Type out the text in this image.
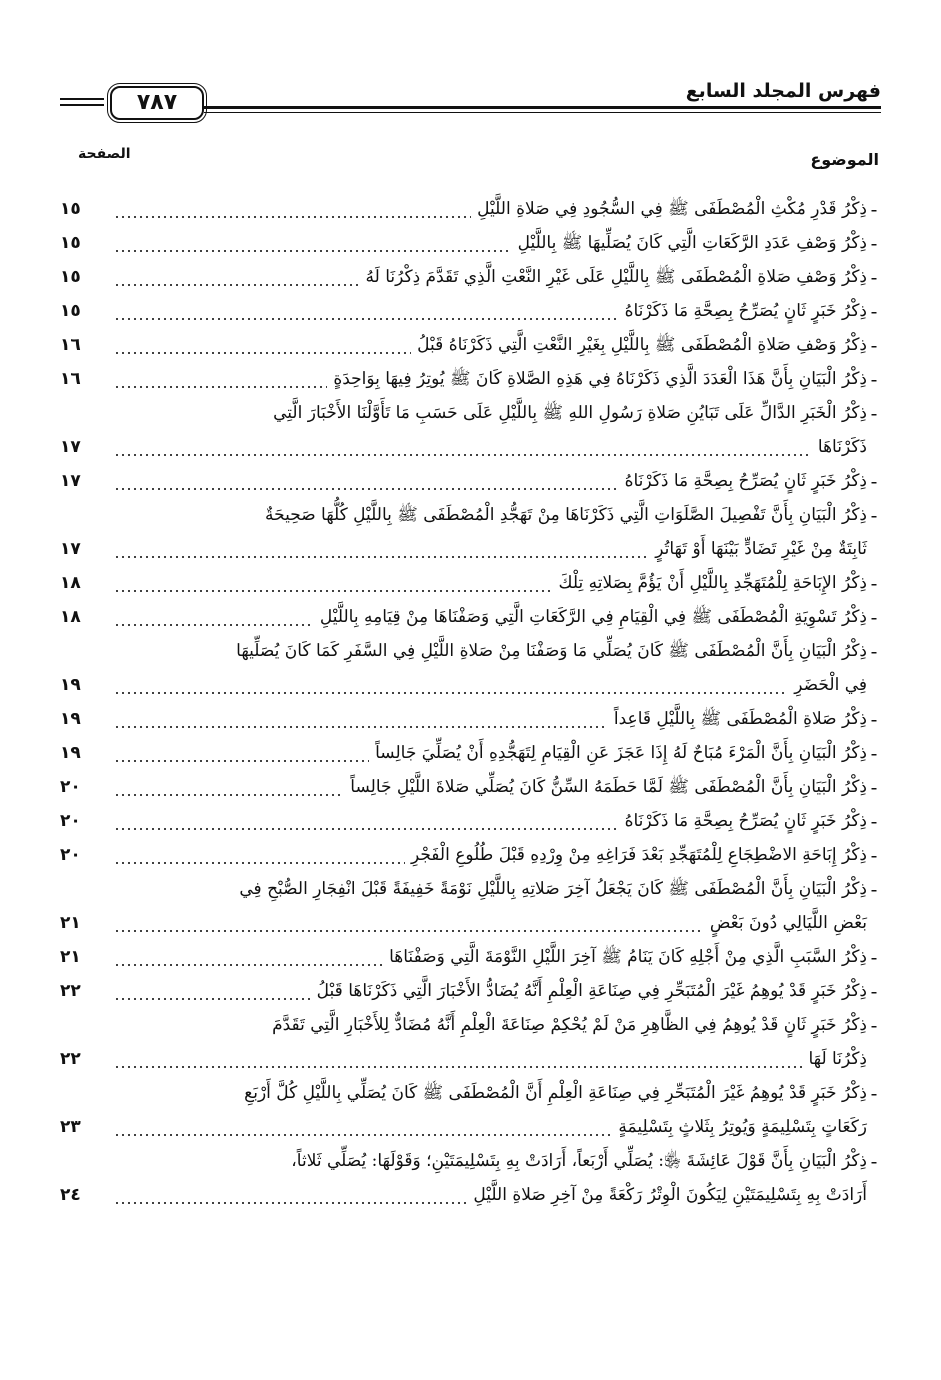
فهرس المجلد السابع
٧٨٧
الموضوع
الصفحة
-
ذِكْرُ قَدْرِ مُكْثِ الْمُصْطَفَى ﷺ فِي السُّجُودِ فِي صَلاةِ اللَّيْلِ
١٥
-
ذِكْرُ وَصْفِ عَدَدِ الرَّكَعَاتِ الَّتِي كَانَ يُصَلِّيهَا ﷺ بِاللَّيْلِ
١٥
-
ذِكْرُ وَصْفِ صَلاةِ الْمُصْطَفَى ﷺ بِاللَّيْلِ عَلَى غَيْرِ النَّعْتِ الَّذِي تَقَدَّمَ ذِكْرُنَا لَهُ
١٥
-
ذِكْرُ خَبَرٍ ثَانٍ يُصَرِّحُ بِصِحَّةِ مَا ذَكَرْنَاهُ
١٥
-
ذِكْرُ وَصْفِ صَلاةِ الْمُصْطَفَى ﷺ بِاللَّيْلِ بِغَيْرِ النَّعْتِ الَّتِي ذَكَرْنَاهُ قَبْلُ
١٦
-
ذِكْرُ الْبَيَانِ بِأَنَّ هَذَا الْعَدَدَ الَّذِي ذَكَرْنَاهُ فِي هَذِهِ الصَّلاةِ كَانَ ﷺ يُوتِرُ فِيهَا بِوَاحِدَةٍ
١٦
-
ذِكْرُ الْخَبَرِ الدَّالِّ عَلَى تَبَايُنِ صَلاةِ رَسُولِ اللهِ ﷺ بِاللَّيْلِ عَلَى حَسَبِ مَا تَأَوَّلْنَا الأَخْبَارَ الَّتِي
ذَكَرْنَاهَا
١٧
-
ذِكْرُ خَبَرٍ ثَانٍ يُصَرِّحُ بِصِحَّةِ مَا ذَكَرْنَاهُ
١٧
-
ذِكْرُ الْبَيَانِ بِأَنَّ تَفْصِيلَ الصَّلَوَاتِ الَّتِي ذَكَرْنَاهَا مِنْ تَهَجُّدِ الْمُصْطَفَى ﷺ بِاللَّيْلِ كُلُّهَا صَحِيحَةٌ
ثَابِتَةٌ مِنْ غَيْرِ تَضَادٍّ بَيْنَهَا أَوْ تَهَاتُرٍ
١٧
-
ذِكْرُ الإِبَاحَةِ لِلْمُتَهَجِّدِ بِاللَّيْلِ أَنْ يَؤُمَّ بِصَلاتِهِ تِلْكَ
١٨
-
ذِكْرُ تَسْوِيَةِ الْمُصْطَفَى ﷺ فِي الْقِيَامِ فِي الرَّكَعَاتِ الَّتِي وَصَفْنَاهَا مِنْ قِيَامِهِ بِاللَّيْلِ
١٨
-
ذِكْرُ الْبَيَانِ بِأَنَّ الْمُصْطَفَى ﷺ كَانَ يُصَلِّي مَا وَصَفْنَا مِنْ صَلاةِ اللَّيْلِ فِي السَّفَرِ كَمَا كَانَ يُصَلِّيهَا
فِي الْحَضَرِ
١٩
-
ذِكْرُ صَلاةِ الْمُصْطَفَى ﷺ بِاللَّيْلِ قَاعِداً
١٩
-
ذِكْرُ الْبَيَانِ بِأَنَّ الْمَرْءَ مُبَاحٌ لَهُ إِذَا عَجَزَ عَنِ الْقِيَامِ لِتَهَجُّدِهِ أَنْ يُصَلِّيَ جَالِساً
١٩
-
ذِكْرُ الْبَيَانِ بِأَنَّ الْمُصْطَفَى ﷺ لَمَّا حَطَمَهُ السِّنُّ كَانَ يُصَلِّي صَلاةَ اللَّيْلِ جَالِساً
٢٠
-
ذِكْرُ خَبَرٍ ثَانٍ يُصَرِّحُ بِصِحَّةِ مَا ذَكَرْنَاهُ
٢٠
-
ذِكْرُ إِبَاحَةِ الاضْطِجَاعِ لِلْمُتَهَجِّدِ بَعْدَ فَرَاغِهِ مِنْ وِرْدِهِ قَبْلَ طُلُوعِ الْفَجْرِ
٢٠
-
ذِكْرُ الْبَيَانِ بِأَنَّ الْمُصْطَفَى ﷺ كَانَ يَجْعَلُ آخِرَ صَلاتِهِ بِاللَّيْلِ نَوْمَةً خَفِيفَةً قَبْلَ انْفِجَارِ الصُّبْحِ فِي
بَعْضِ اللَّيَالِي دُونَ بَعْضٍ
٢١
-
ذِكْرُ السَّبَبِ الَّذِي مِنْ أَجْلِهِ كَانَ يَنَامُ ﷺ آخِرَ اللَّيْلِ النَّوْمَةَ الَّتِي وَصَفْنَاهَا
٢١
-
ذِكْرُ خَبَرٍ قَدْ يُوهِمُ غَيْرَ الْمُتَبَحِّرِ فِي صِنَاعَةِ الْعِلْمِ أَنَّهُ يُضَادُّ الأَخْبَارَ الَّتِي ذَكَرْنَاهَا قَبْلُ
٢٢
-
ذِكْرُ خَبَرٍ ثَانٍ قَدْ يُوهِمُ فِي الظَّاهِرِ مَنْ لَمْ يُحْكِمْ صِنَاعَةَ الْعِلْمِ أَنَّهُ مُضَادٌّ لِلأَخْبَارِ الَّتِي تَقَدَّمَ
ذِكْرُنَا لَهَا
٢٢
-
ذِكْرُ خَبَرٍ قَدْ يُوهِمُ غَيْرَ الْمُتَبَحِّرِ فِي صِنَاعَةِ الْعِلْمِ أَنَّ الْمُصْطَفَى ﷺ كَانَ يُصَلِّي بِاللَّيْلِ كُلَّ أَرْبَعِ
رَكَعَاتٍ بِتَسْلِيمَةٍ وَيُوتِرُ بِثَلاثٍ بِتَسْلِيمَةٍ
٢٣
-
ذِكْرُ الْبَيَانِ بِأَنَّ قَوْلَ عَائِشَةَ ﵂: يُصَلِّي أَرْبَعاً، أَرَادَتْ بِهِ بِتَسْلِيمَتَيْنِ؛ وَقَوْلَهَا: يُصَلِّي ثَلاثاً،
أَرَادَتْ بِهِ بِتَسْلِيمَتَيْنِ لِيَكُونَ الْوِتْرُ رَكْعَةً مِنْ آخِرِ صَلاةِ اللَّيْلِ
٢٤
